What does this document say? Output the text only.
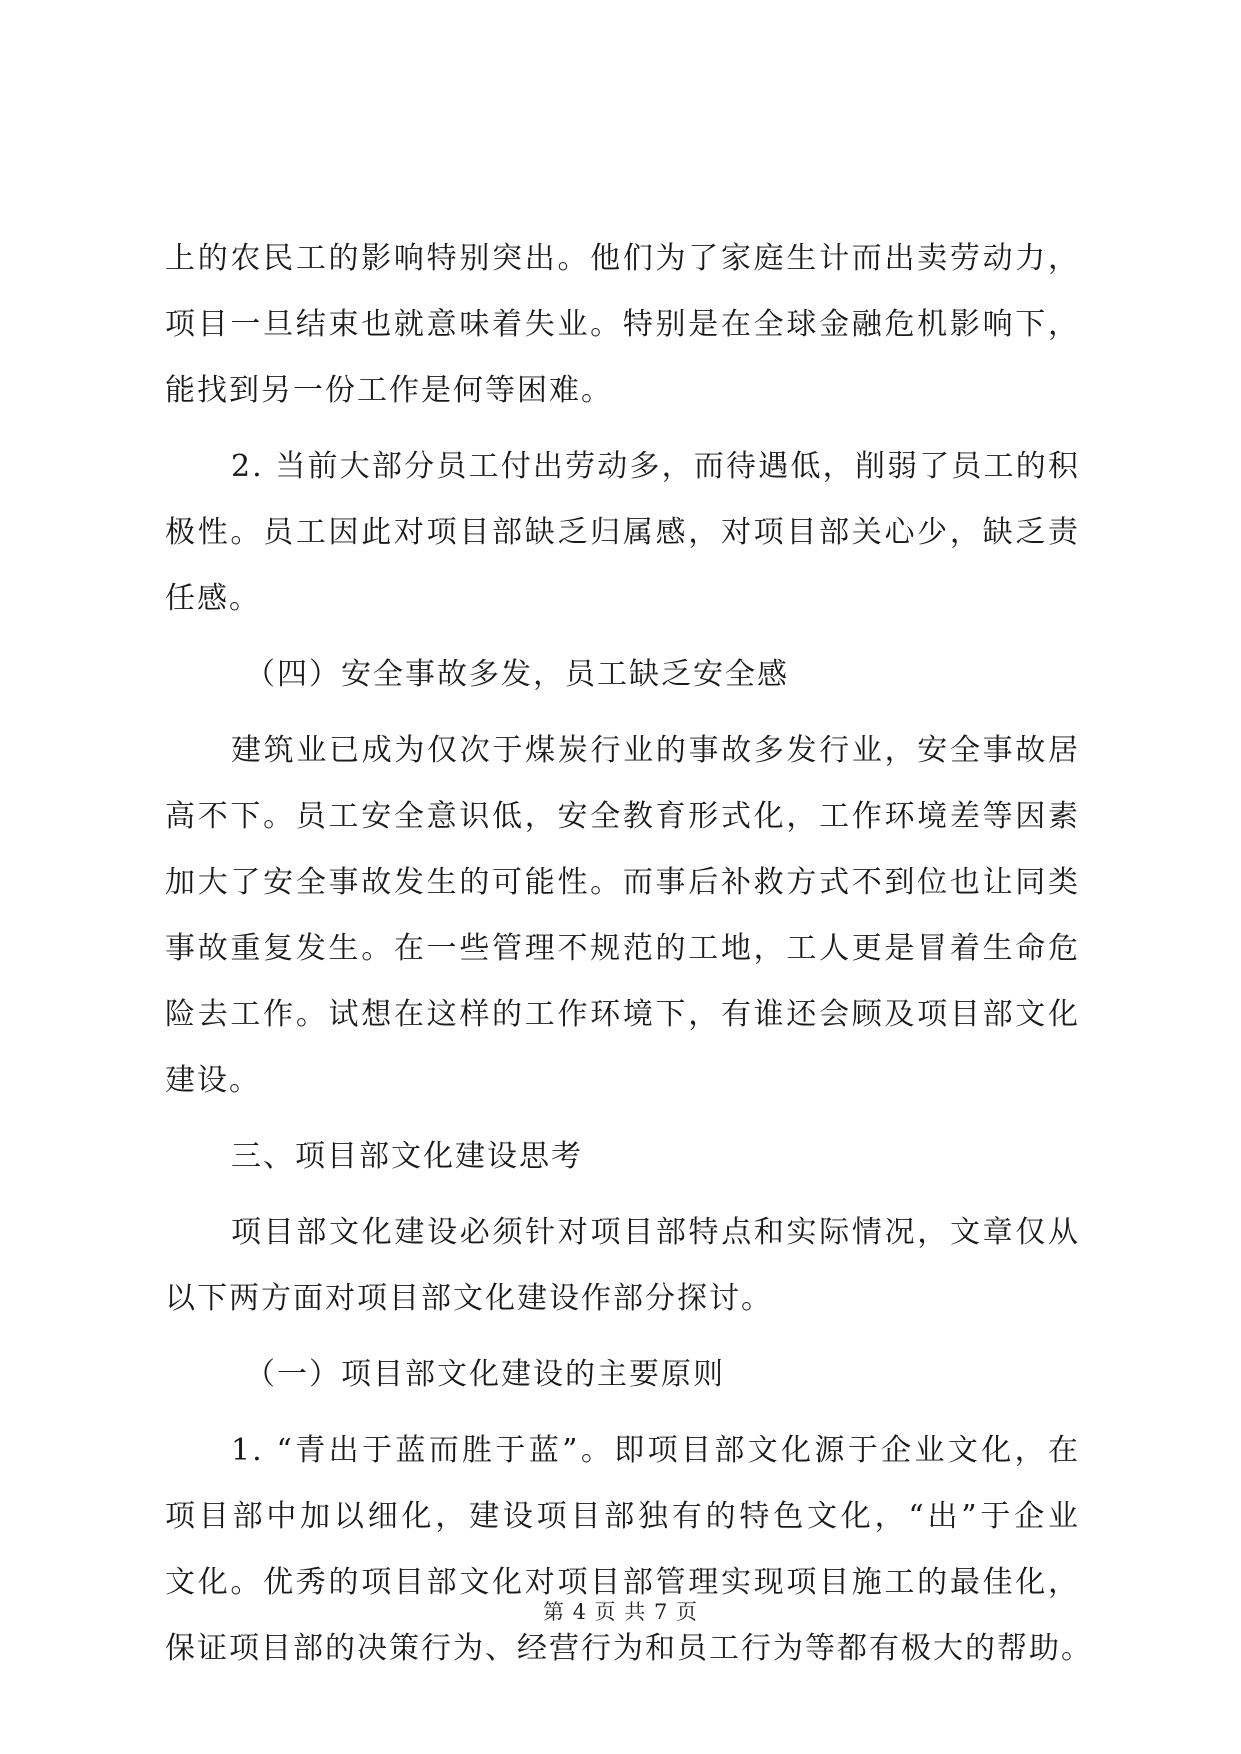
上的农民工的影响特别突出。他们为了家庭生计而出卖劳动力，
项目一旦结束也就意味着失业。特别是在全球金融危机影响下，
能找到另一份工作是何等困难。
2. 当前大部分员工付出劳动多，而待遇低，削弱了员工的积
极性。员工因此对项目部缺乏归属感，对项目部关心少，缺乏责
任感。
（四）安全事故多发，员工缺乏安全感
建筑业已成为仅次于煤炭行业的事故多发行业，安全事故居
高不下。员工安全意识低，安全教育形式化，工作环境差等因素
加大了安全事故发生的可能性。而事后补救方式不到位也让同类
事故重复发生。在一些管理不规范的工地，工人更是冒着生命危
险去工作。试想在这样的工作环境下，有谁还会顾及项目部文化
建设。
三、项目部文化建设思考
项目部文化建设必须针对项目部特点和实际情况，文章仅从
以下两方面对项目部文化建设作部分探讨。
（一）项目部文化建设的主要原则
1. “青出于蓝而胜于蓝”。即项目部文化源于企业文化，在
项目部中加以细化，建设项目部独有的特色文化，“出”于企业
文化。优秀的项目部文化对项目部管理实现项目施工的最佳化，
保证项目部的决策行为、经营行为和员工行为等都有极大的帮助。
第 4 页 共 7 页
